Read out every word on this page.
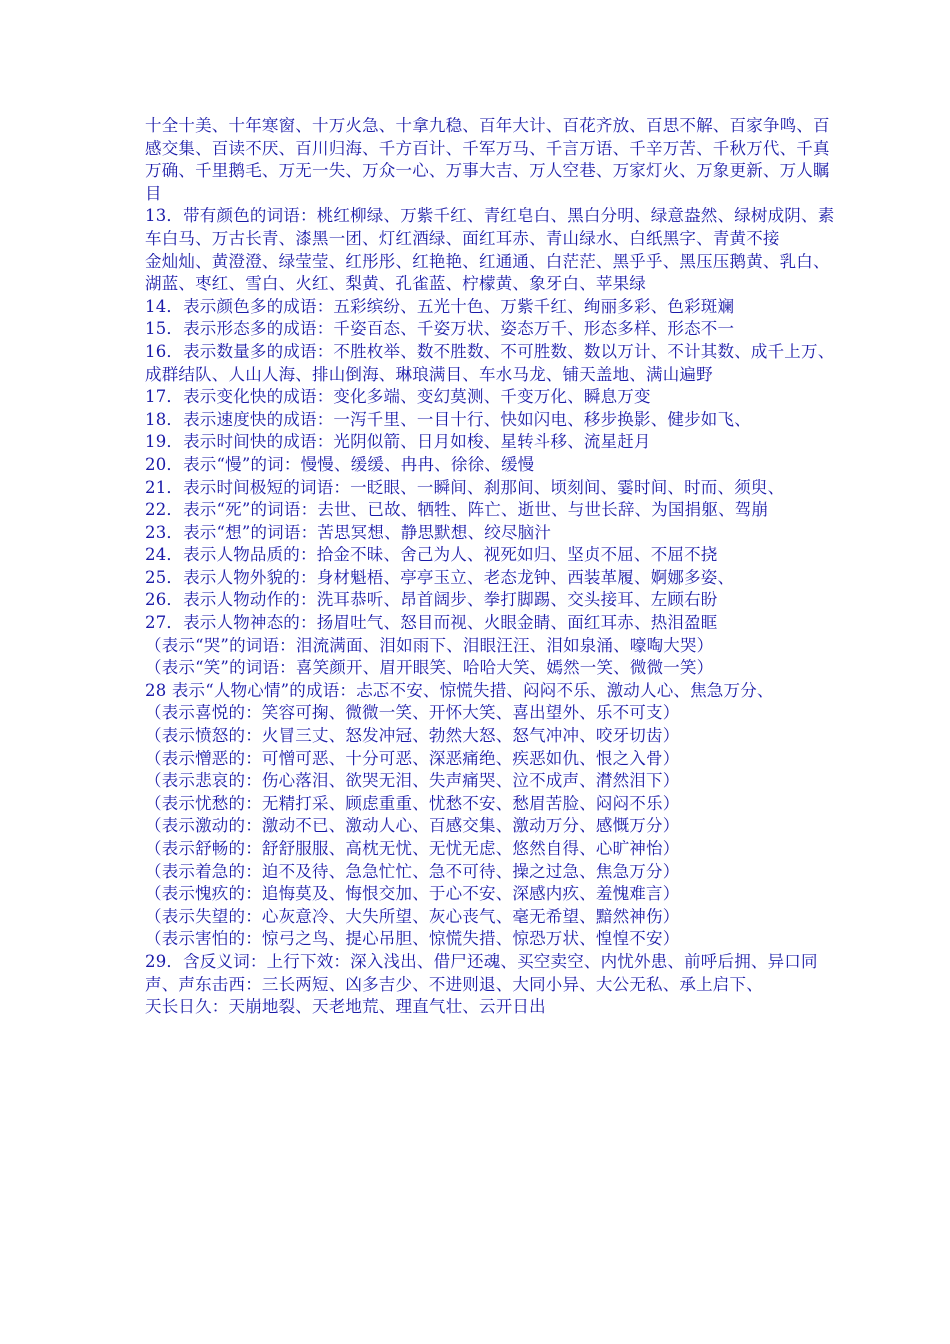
十全十美、十年寒窗、十万火急、十拿九稳、百年大计、百花齐放、百思不解、百家争鸣、百感交集、百读不厌、百川归海、千方百计、千军万马、千言万语、千辛万苦、千秋万代、千真万确、千里鹅毛、万无一失、万众一心、万事大吉、万人空巷、万家灯火、万象更新、万人瞩目

13．带有颜色的词语：桃红柳绿、万紫千红、青红皂白、黑白分明、绿意盎然、绿树成阴、素车白马、万古长青、漆黑一团、灯红酒绿、面红耳赤、青山绿水、白纸黑字、青黄不接

金灿灿、黄澄澄、绿莹莹、红彤彤、红艳艳、红通通、白茫茫、黑乎乎、黑压压鹅黄、乳白、湖蓝、枣红、雪白、火红、梨黄、孔雀蓝、柠檬黄、象牙白、苹果绿

14．表示颜色多的成语：五彩缤纷、五光十色、万紫千红、绚丽多彩、色彩斑斓

15．表示形态多的成语：千姿百态、千姿万状、姿态万千、形态多样、形态不一

16．表示数量多的成语：不胜枚举、数不胜数、不可胜数、数以万计、不计其数、成千上万、成群结队、人山人海、排山倒海、琳琅满目、车水马龙、铺天盖地、满山遍野

17．表示变化快的成语：变化多端、变幻莫测、千变万化、瞬息万变

18．表示速度快的成语：一泻千里、一目十行、快如闪电、移步换影、健步如飞、

19．表示时间快的成语：光阴似箭、日月如梭、星转斗移、流星赶月

20．表示“慢”的词：慢慢、缓缓、冉冉、徐徐、缓慢

21．表示时间极短的词语：一眨眼、一瞬间、刹那间、顷刻间、霎时间、时而、须臾、

22．表示“死”的词语：去世、已故、牺牲、阵亡、逝世、与世长辞、为国捐躯、驾崩

23．表示“想”的词语：苦思冥想、静思默想、绞尽脑汁

24．表示人物品质的：拾金不昧、舍己为人、视死如归、坚贞不屈、不屈不挠

25．表示人物外貌的：身材魁梧、亭亭玉立、老态龙钟、西装革履、婀娜多姿、

26．表示人物动作的：洗耳恭听、昂首阔步、拳打脚踢、交头接耳、左顾右盼

27．表示人物神态的：扬眉吐气、怒目而视、火眼金睛、面红耳赤、热泪盈眶

（表示“哭”的词语：泪流满面、泪如雨下、泪眼汪汪、泪如泉涌、嚎啕大哭）

（表示“笑”的词语：喜笑颜开、眉开眼笑、哈哈大笑、嫣然一笑、微微一笑）

28 表示“人物心情”的成语：忐忑不安、惊慌失措、闷闷不乐、激动人心、焦急万分、

（表示喜悦的：笑容可掬、微微一笑、开怀大笑、喜出望外、乐不可支）

（表示愤怒的：火冒三丈、怒发冲冠、勃然大怒、怒气冲冲、咬牙切齿）

（表示憎恶的：可憎可恶、十分可恶、深恶痛绝、疾恶如仇、恨之入骨）

（表示悲哀的：伤心落泪、欲哭无泪、失声痛哭、泣不成声、潸然泪下）

（表示忧愁的：无精打采、顾虑重重、忧愁不安、愁眉苦脸、闷闷不乐）

（表示激动的：激动不已、激动人心、百感交集、激动万分、感慨万分）

（表示舒畅的：舒舒服服、高枕无忧、无忧无虑、悠然自得、心旷神怡）

（表示着急的：迫不及待、急急忙忙、急不可待、操之过急、焦急万分）

（表示愧疚的：追悔莫及、悔恨交加、于心不安、深感内疚、羞愧难言）

（表示失望的：心灰意冷、大失所望、灰心丧气、毫无希望、黯然神伤）

（表示害怕的：惊弓之鸟、提心吊胆、惊慌失措、惊恐万状、惶惶不安）

29．含反义词：上行下效：深入浅出、借尸还魂、买空卖空、内忧外患、前呼后拥、异口同声、声东击西：三长两短、凶多吉少、不进则退、大同小异、大公无私、承上启下、

天长日久：天崩地裂、天老地荒、理直气壮、云开日出
